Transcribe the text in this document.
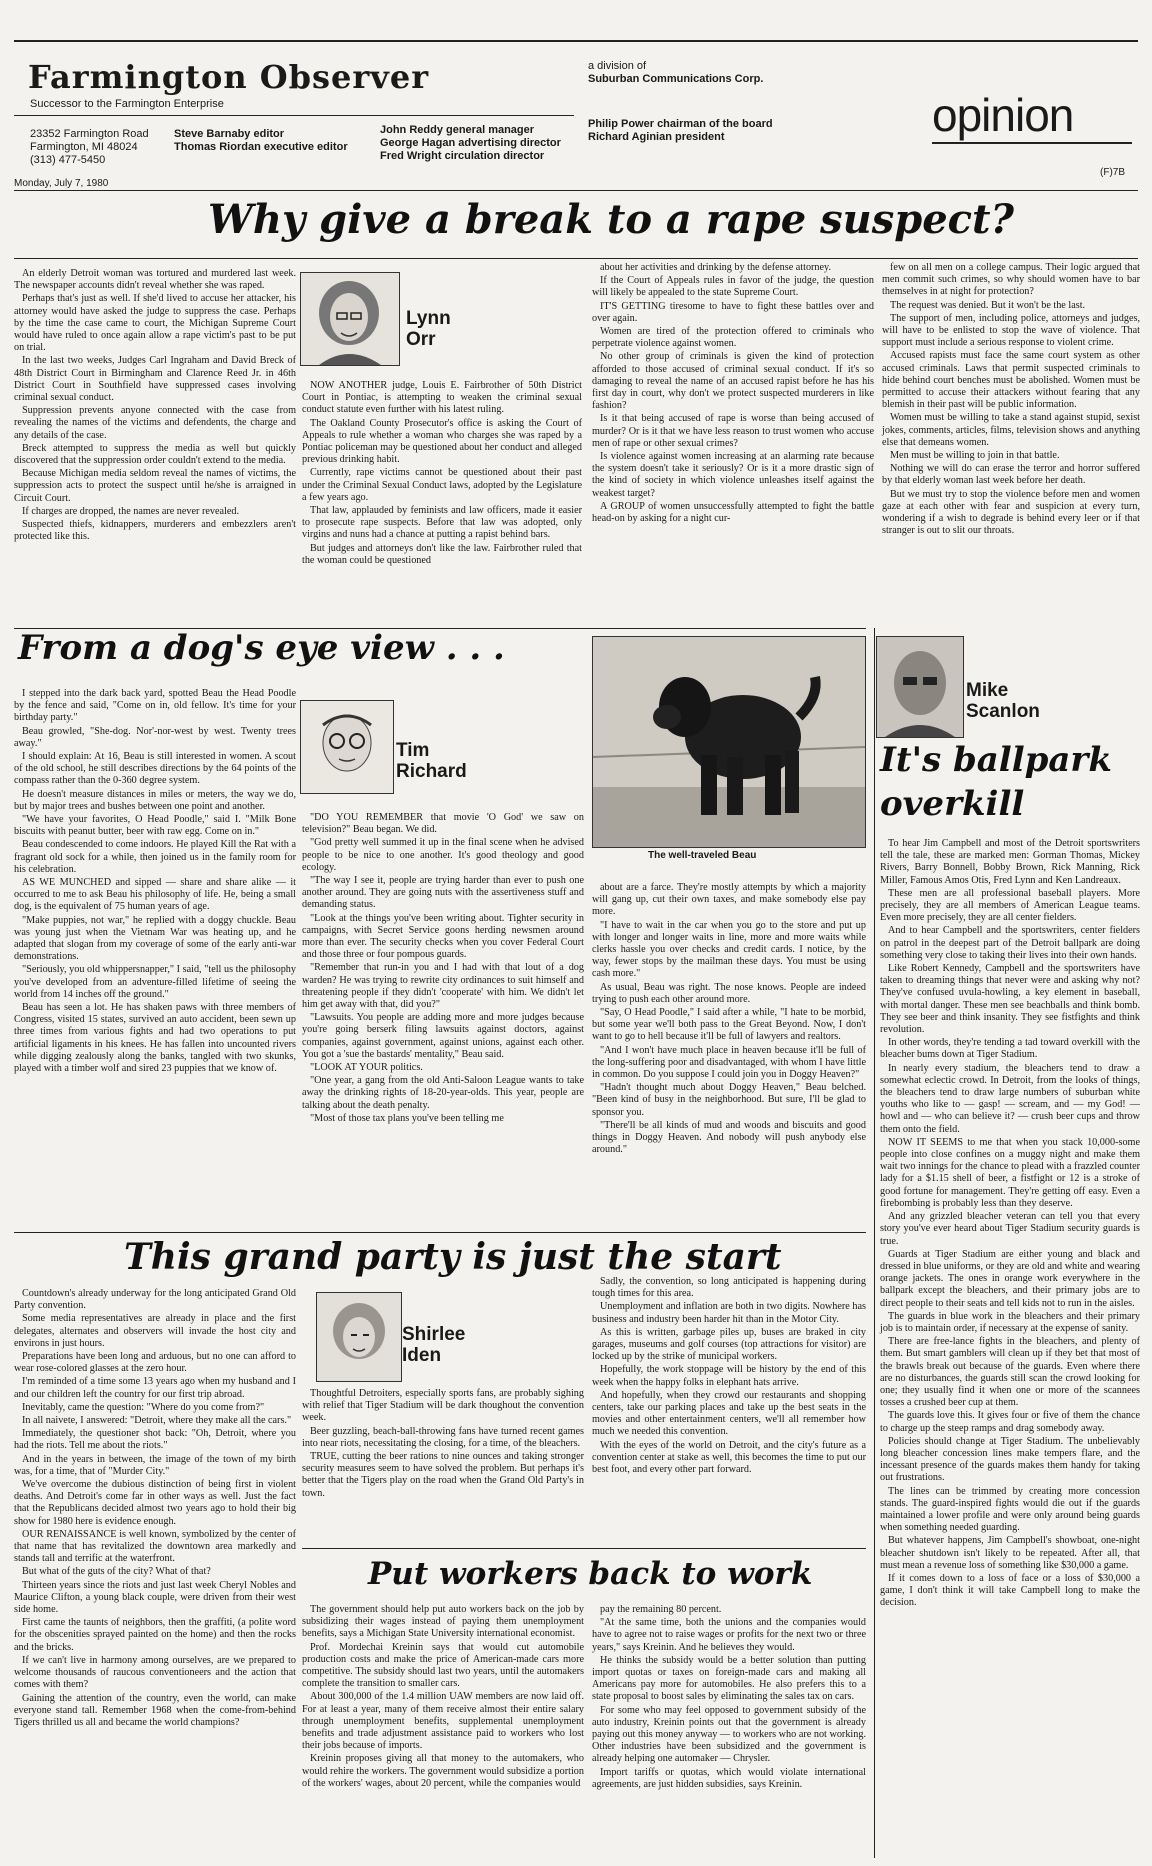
Farmington Observer
Successor to the Farmington Enterprise
a division of
Suburban Communications Corp.
23352 Farmington Road
Farmington, MI 48024
(313) 477-5450
Steve Barnaby editor
Thomas Riordan executive editor
John Reddy general manager
George Hagan advertising director
Fred Wright circulation director
Philip Power chairman of the board
Richard Aginian president	opinion
Monday, July 7, 1980
(F)7B
Why give a break to a rape suspect?

An elderly Detroit woman was tortured and murdered last week. The newspaper accounts didn't reveal whether she was raped.

Perhaps that's just as well. If she'd lived to accuse her attacker, his attorney would have asked the judge to suppress the case. Perhaps by the time the case came to court, the Michigan Supreme Court would have ruled to once again allow a rape victim's past to be put on trial.

In the last two weeks, Judges Carl Ingraham and David Breck of 48th District Court in Birmingham and Clarence Reed Jr. in 46th District Court in Southfield have suppressed cases involving criminal sexual conduct.

Suppression prevents anyone connected with the case from revealing the names of the victims and defendents, the charge and any details of the case.

Breck attempted to suppress the media as well but quickly discovered that the suppression order couldn't extend to the media.

Because Michigan media seldom reveal the names of victims, the suppression acts to protect the suspect until he/she is arraigned in Circuit Court.

If charges are dropped, the names are never revealed.

Suspected thiefs, kidnappers, murderers and embezzlers aren't protected like this.

Lynn
Orr

NOW ANOTHER judge, Louis E. Fairbrother of 50th District Court in Pontiac, is attempting to weaken the criminal sexual conduct statute even further with his latest ruling.

The Oakland County Prosecutor's office is asking the Court of Appeals to rule whether a woman who charges she was raped by a Pontiac policeman may be questioned about her conduct and alleged previous drinking habit.

Currently, rape victims cannot be questioned about their past under the Criminal Sexual Conduct laws, adopted by the Legislature a few years ago.

That law, applauded by feminists and law officers, made it easier to prosecute rape suspects. Before that law was adopted, only virgins and nuns had a chance at putting a rapist behind bars.

But judges and attorneys don't like the law. Fairbrother ruled that the woman could be questioned

about her activities and drinking by the defense attorney.

If the Court of Appeals rules in favor of the judge, the question will likely be appealed to the state Supreme Court.

IT'S GETTING tiresome to have to fight these battles over and over again.

Women are tired of the protection offered to criminals who perpetrate violence against women.

No other group of criminals is given the kind of protection afforded to those accused of criminal sexual conduct. If it's so damaging to reveal the name of an accused rapist before he has his first day in court, why don't we protect suspected murderers in like fashion?

Is it that being accused of rape is worse than being accused of murder? Or is it that we have less reason to trust women who accuse men of rape or other sexual crimes?

Is violence against women increasing at an alarming rate because the system doesn't take it seriously? Or is it a more drastic sign of the kind of society in which violence unleashes itself against the weakest target?

A GROUP of women unsuccessfully attempted to fight the battle head-on by asking for a night cur-

few on all men on a college campus. Their logic argued that men commit such crimes, so why should women have to bar themselves in at night for protection?

The request was denied. But it won't be the last.

The support of men, including police, attorneys and judges, will have to be enlisted to stop the wave of violence. That support must include a serious response to violent crime.

Accused rapists must face the same court system as other accused criminals. Laws that permit suspected criminals to hide behind court benches must be abolished. Women must be permitted to accuse their attackers without fearing that any blemish in their past will be public information.

Women must be willing to take a stand against stupid, sexist jokes, comments, articles, films, television shows and anything else that demeans women.

Men must be willing to join in that battle.

Nothing we will do can erase the terror and horror suffered by that elderly woman last week before her death.

But we must try to stop the violence before men and women gaze at each other with fear and suspicion at every turn, wondering if a wish to degrade is behind every leer or if that stranger is out to slit our throats.

From a dog's eye view . . .

I stepped into the dark back yard, spotted Beau the Head Poodle by the fence and said, "Come on in, old fellow. It's time for your birthday party."

Beau growled, "She-dog. Nor'-nor-west by west. Twenty trees away."

I should explain: At 16, Beau is still interested in women. A scout of the old school, he still describes directions by the 64 points of the compass rather than the 0-360 degree system.

He doesn't measure distances in miles or meters, the way we do, but by major trees and bushes between one point and another.

"We have your favorites, O Head Poodle," said I. "Milk Bone biscuits with peanut butter, beer with raw egg. Come on in."

Beau condescended to come indoors. He played Kill the Rat with a fragrant old sock for a while, then joined us in the family room for his celebration.

AS WE MUNCHED and sipped — share and share alike — it occurred to me to ask Beau his philosophy of life. He, being a small dog, is the equivalent of 75 human years of age.

"Make puppies, not war," he replied with a doggy chuckle. Beau was young just when the Vietnam War was heating up, and he adapted that slogan from my coverage of some of the early anti-war demonstrations.

"Seriously, you old whippersnapper," I said, "tell us the philosophy you've developed from an adventure-filled lifetime of seeing the world from 14 inches off the ground."

Beau has seen a lot. He has shaken paws with three members of Congress, visited 15 states, survived an auto accident, been sewn up three times from various fights and had two operations to put artificial ligaments in his knees. He has fallen into uncounted rivers while digging zealously along the banks, tangled with two skunks, played with a timber wolf and sired 23 puppies that we know of.

Tim
Richard

"DO YOU REMEMBER that movie 'O God' we saw on television?" Beau began. We did.

"God pretty well summed it up in the final scene when he advised people to be nice to one another. It's good theology and good ecology.

"The way I see it, people are trying harder than ever to push one another around. They are going nuts with the assertiveness stuff and demanding status.

"Look at the things you've been writing about. Tighter security in campaigns, with Secret Service goons herding newsmen around more than ever. The security checks when you cover Federal Court and those three or four pompous guards.

"Remember that run-in you and I had with that lout of a dog warden? He was trying to rewrite city ordinances to suit himself and threatening people if they didn't 'cooperate' with him. We didn't let him get away with that, did you?"

"Lawsuits. You people are adding more and more judges because you're going berserk filing lawsuits against doctors, against companies, against government, against unions, against each other. You got a 'sue the bastards' mentality," Beau said.

"LOOK AT YOUR politics.

"One year, a gang from the old Anti-Saloon League wants to take away the drinking rights of 18-20-year-olds. This year, people are talking about the death penalty.

"Most of those tax plans you've been telling me

The well-traveled Beau

about are a farce. They're mostly attempts by which a majority will gang up, cut their own taxes, and make somebody else pay more.

"I have to wait in the car when you go to the store and put up with longer and longer waits in line, more and more waits while clerks hassle you over checks and credit cards. I notice, by the way, fewer stops by the mailman these days. You must be using cash more."

As usual, Beau was right. The nose knows. People are indeed trying to push each other around more.

"Say, O Head Poodle," I said after a while, "I hate to be morbid, but some year we'll both pass to the Great Beyond. Now, I don't want to go to hell because it'll be full of lawyers and realtors.

"And I won't have much place in heaven because it'll be full of the long-suffering poor and disadvantaged, with whom I have little in common. Do you suppose I could join you in Doggy Heaven?"

"Hadn't thought much about Doggy Heaven," Beau belched. "Been kind of busy in the neighborhood. But sure, I'll be glad to sponsor you.

"There'll be all kinds of mud and woods and biscuits and good things in Doggy Heaven. And nobody will push anybody else around."

Mike
Scanlon
It's ballpark overkill

To hear Jim Campbell and most of the Detroit sportswriters tell the tale, these are marked men: Gorman Thomas, Mickey Rivers, Barry Bonnell, Bobby Brown, Rick Manning, Rick Miller, Famous Amos Otis, Fred Lynn and Ken Landreaux.

These men are all professional baseball players. More precisely, they are all members of American League teams. Even more precisely, they are all center fielders.

And to hear Campbell and the sportswriters, center fielders on patrol in the deepest part of the Detroit ballpark are doing something very close to taking their lives into their own hands.

Like Robert Kennedy, Campbell and the sportswriters have taken to dreaming things that never were and asking why not? They've confused uvula-howling, a key element in baseball, with mortal danger. These men see beachballs and think bomb. They see beer and think insanity. They see fistfights and think revolution.

In other words, they're tending a tad toward overkill with the bleacher bums down at Tiger Stadium.

In nearly every stadium, the bleachers tend to draw a somewhat eclectic crowd. In Detroit, from the looks of things, the bleachers tend to draw large numbers of suburban white youths who like to — gasp! — scream, and — my God! — howl and — who can believe it? — crush beer cups and throw them onto the field.

NOW IT SEEMS to me that when you stack 10,000-some people into close confines on a muggy night and make them wait two innings for the chance to plead with a frazzled counter lady for a $1.15 shell of beer, a fistfight or 12 is a stroke of good fortune for management. They're getting off easy. Even a firebombing is probably less than they deserve.

And any grizzled bleacher veteran can tell you that every story you've ever heard about Tiger Stadium security guards is true.

Guards at Tiger Stadium are either young and black and dressed in blue uniforms, or they are old and white and wearing orange jackets. The ones in orange work everywhere in the ballpark except the bleachers, and their primary jobs are to direct people to their seats and tell kids not to run in the aisles.

The guards in blue work in the bleachers and their primary job is to maintain order, if necessary at the expense of sanity.

There are free-lance fights in the bleachers, and plenty of them. But smart gamblers will clean up if they bet that most of the brawls break out because of the guards. Even where there are no disturbances, the guards still scan the crowd looking for one; they usually find it when one or more of the scannees tosses a crushed beer cup at them.

The guards love this. It gives four or five of them the chance to charge up the steep ramps and drag somebody away.

Policies should change at Tiger Stadium. The unbelievably long bleacher concession lines make tempers flare, and the incessant presence of the guards makes them handy for taking out frustrations.

The lines can be trimmed by creating more concession stands. The guard-inspired fights would die out if the guards maintained a lower profile and were only around being guards when something needed guarding.

But whatever happens, Jim Campbell's showboat, one-night bleacher shutdown isn't likely to be repeated. After all, that must mean a revenue loss of something like $30,000 a game.

If it comes down to a loss of face or a loss of $30,000 a game, I don't think it will take Campbell long to make the decision.

This grand party is just the start

Countdown's already underway for the long anticipated Grand Old Party convention.

Some media representatives are already in place and the first delegates, alternates and observers will invade the host city and environs in just hours.

Preparations have been long and arduous, but no one can afford to wear rose-colored glasses at the zero hour.

I'm reminded of a time some 13 years ago when my husband and I and our children left the country for our first trip abroad.

Inevitably, came the question: "Where do you come from?"

In all naivete, I answered: "Detroit, where they make all the cars."

Immediately, the questioner shot back: "Oh, Detroit, where you had the riots. Tell me about the riots."

And in the years in between, the image of the town of my birth was, for a time, that of "Murder City."

We've overcome the dubious distinction of being first in violent deaths. And Detroit's come far in other ways as well. Just the fact that the Republicans decided almost two years ago to hold their big show for 1980 here is evidence enough.

OUR RENAISSANCE is well known, symbolized by the center of that name that has revitalized the downtown area markedly and stands tall and terrific at the waterfront.

But what of the guts of the city? What of that?

Thirteen years since the riots and just last week Cheryl Nobles and Maurice Clifton, a young black couple, were driven from their west side home.

First came the taunts of neighbors, then the graffiti, (a polite word for the obscenities sprayed painted on the home) and then the rocks and the bricks.

If we can't live in harmony among ourselves, are we prepared to welcome thousands of raucous conventioneers and the action that comes with them?

Gaining the attention of the country, even the world, can make everyone stand tall. Remember 1968 when the come-from-behind Tigers thrilled us all and became the world champions?

Shirlee
Iden

Thoughtful Detroiters, especially sports fans, are probably sighing with relief that Tiger Stadium will be dark thoughout the convention week.

Beer guzzling, beach-ball-throwing fans have turned recent games into near riots, necessitating the closing, for a time, of the bleachers.

TRUE, cutting the beer rations to nine ounces and taking stronger security measures seem to have solved the problem. But perhaps it's better that the Tigers play on the road when the Grand Old Party's in town.

Sadly, the convention, so long anticipated is happening during tough times for this area.

Unemployment and inflation are both in two digits. Nowhere has business and industry been harder hit than in the Motor City.

As this is written, garbage piles up, buses are braked in city garages, museums and golf courses (top attractions for visitor) are locked up by the strike of municipal workers.

Hopefully, the work stoppage will be history by the end of this week when the happy folks in elephant hats arrive.

And hopefully, when they crowd our restaurants and shopping centers, take our parking places and take up the best seats in the movies and other entertainment centers, we'll all remember how much we needed this convention.

With the eyes of the world on Detroit, and the city's future as a convention center at stake as well, this becomes the time to put our best foot, and every other part forward.

Put workers back to work

The government should help put auto workers back on the job by subsidizing their wages instead of paying them unemployment benefits, says a Michigan State University international economist.

Prof. Mordechai Kreinin says that would cut automobile production costs and make the price of American-made cars more competitive. The subsidy should last two years, until the automakers complete the transition to smaller cars.

About 300,000 of the 1.4 million UAW members are now laid off. For at least a year, many of them receive almost their entire salary through unemployment benefits, supplemental unemployment benefits and trade adjustment assistance paid to workers who lost their jobs because of imports.

Kreinin proposes giving all that money to the automakers, who would rehire the workers. The government would subsidize a portion of the workers' wages, about 20 percent, while the companies would

pay the remaining 80 percent.

"At the same time, both the unions and the companies would have to agree not to raise wages or profits for the next two or three years," says Kreinin. And he believes they would.

He thinks the subsidy would be a better solution than putting import quotas or taxes on foreign-made cars and making all Americans pay more for automobiles. He also prefers this to a state proposal to boost sales by eliminating the sales tax on cars.

For some who may feel opposed to government subsidy of the auto industry, Kreinin points out that the government is already paying out this money anyway — to workers who are not working. Other industries have been subsidized and the government is already helping one automaker — Chrysler.

Import tariffs or quotas, which would violate international agreements, are just hidden subsidies, says Kreinin.
